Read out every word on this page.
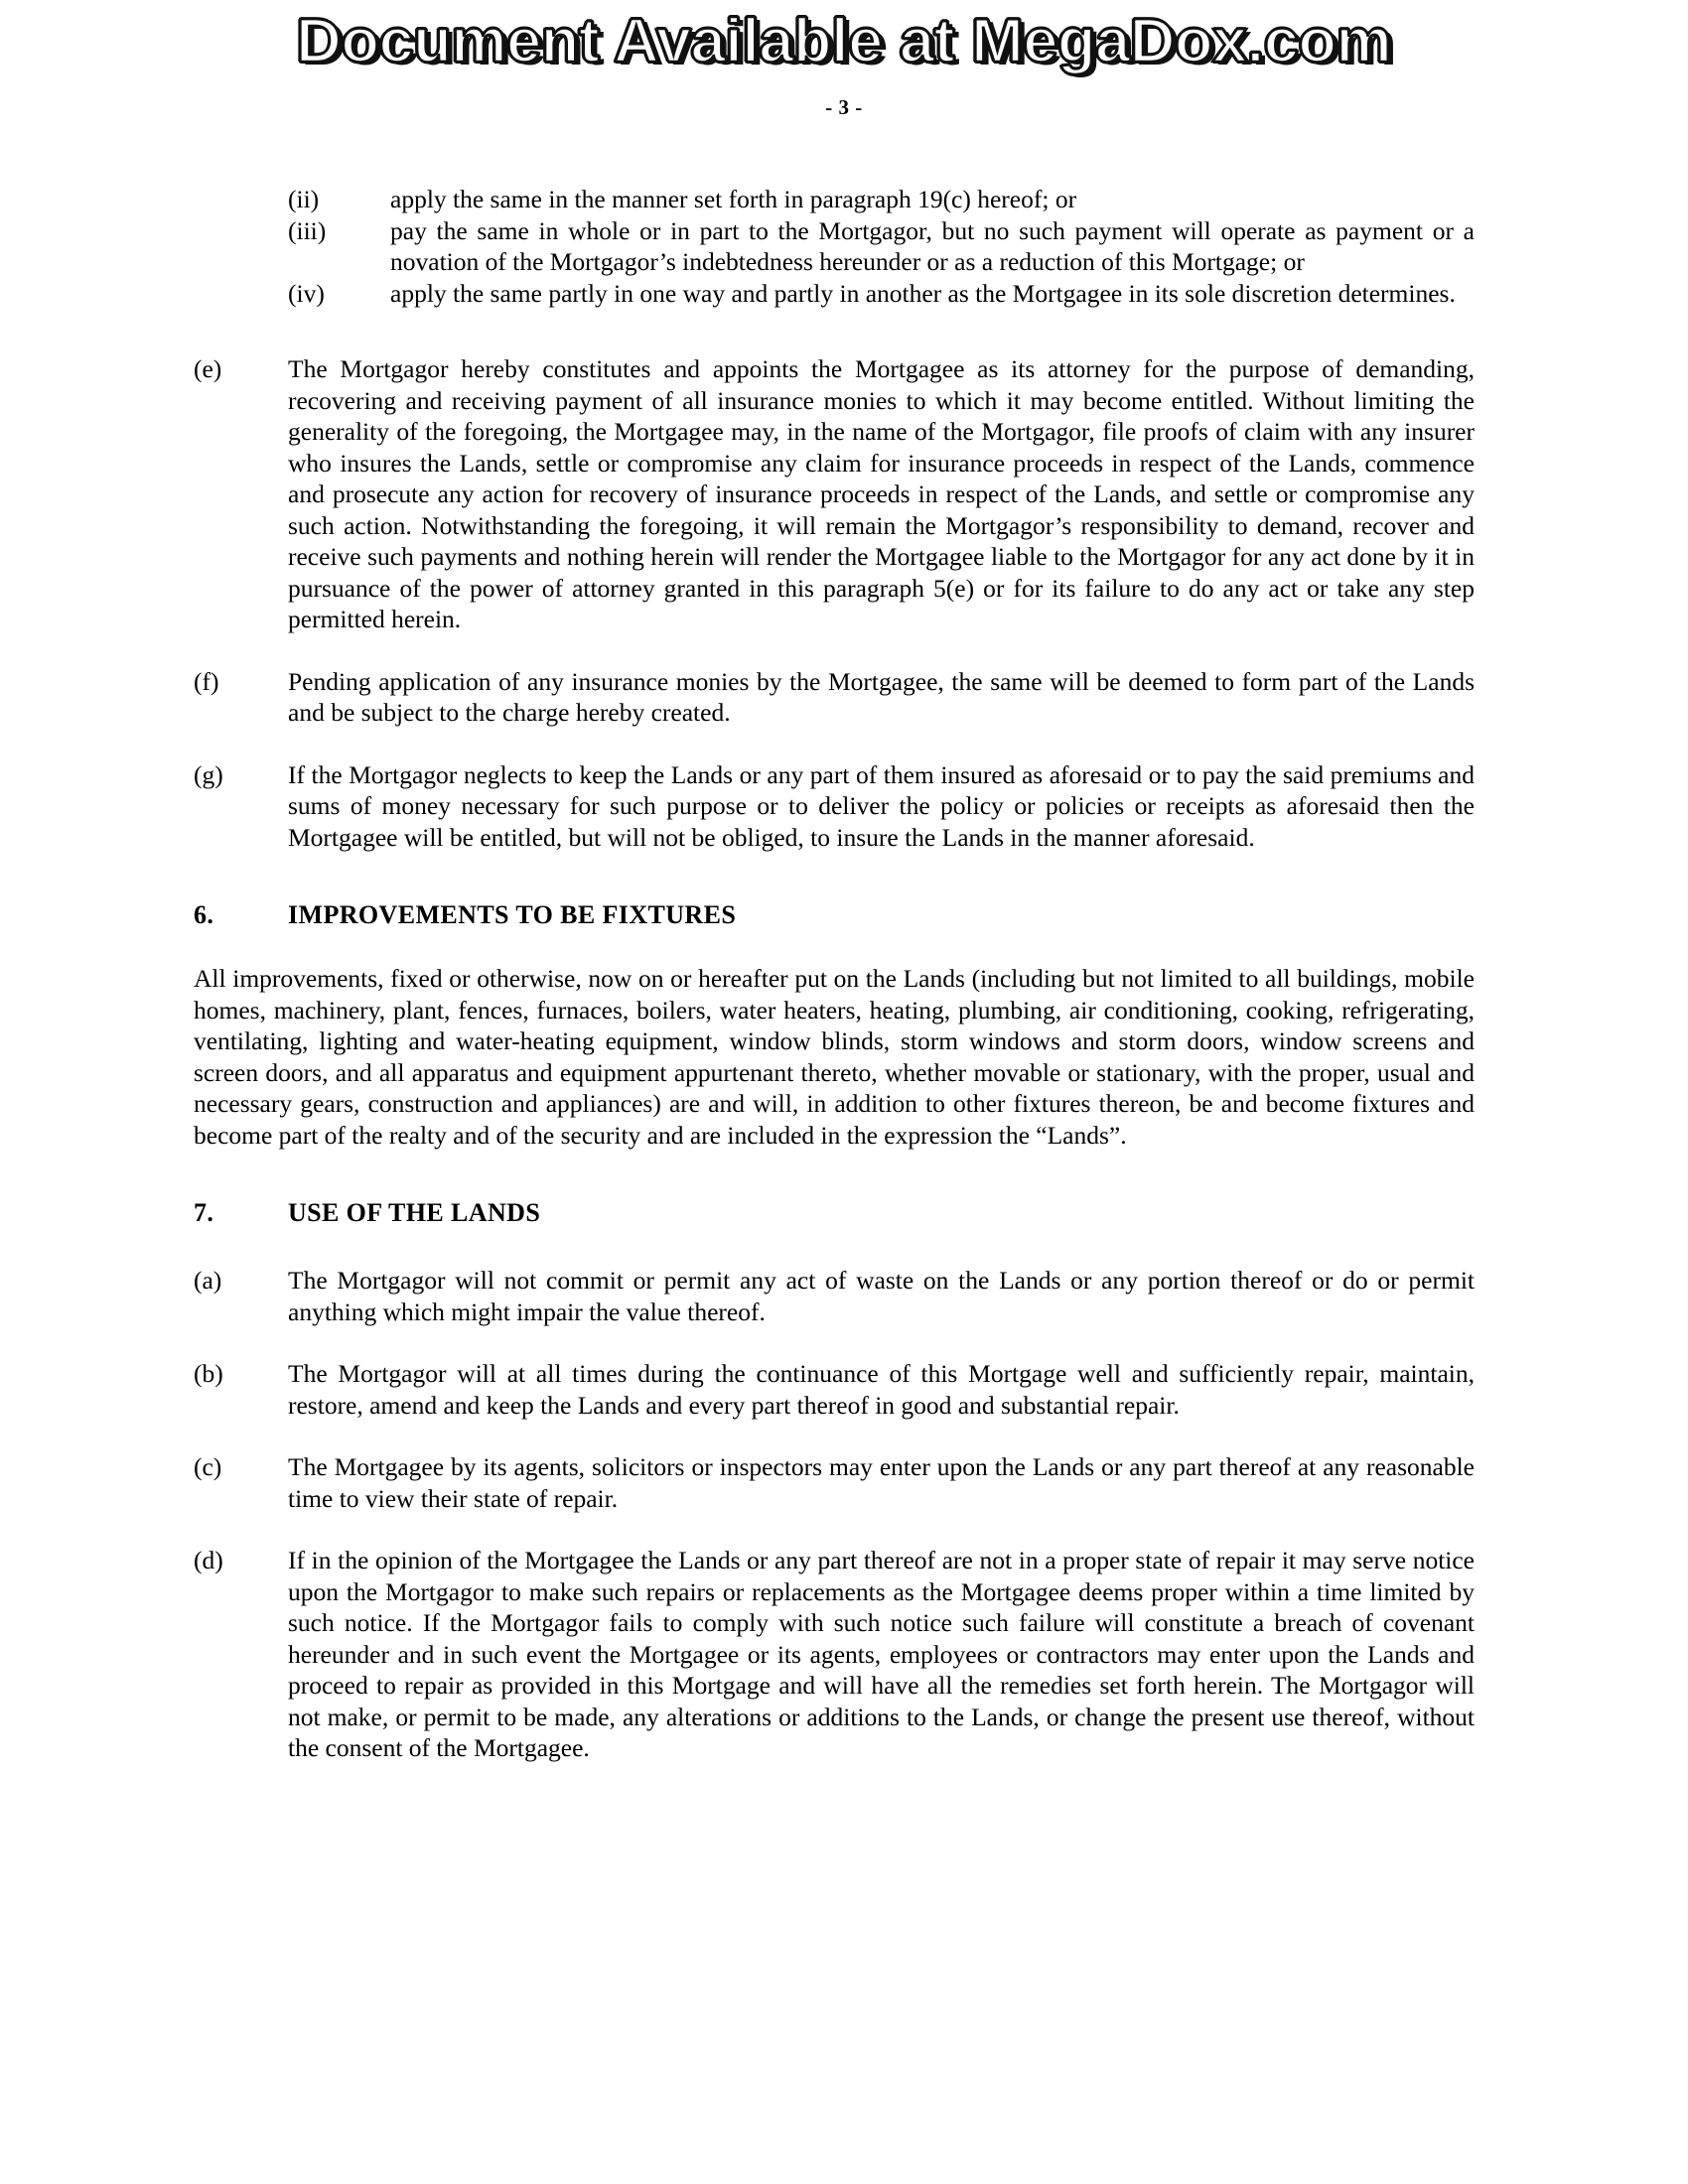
Document Available at MegaDox.com
- 3 -
(ii)	apply the same in the manner set forth in paragraph 19(c) hereof; or
(iii)	pay the same in whole or in part to the Mortgagor, but no such payment will operate as payment or a novation of the Mortgagor’s indebtedness hereunder or as a reduction of this Mortgage; or
(iv)	apply the same partly in one way and partly in another as the Mortgagee in its sole discretion determines.
(e)	The Mortgagor hereby constitutes and appoints the Mortgagee as its attorney for the purpose of demanding, recovering and receiving payment of all insurance monies to which it may become entitled. Without limiting the generality of the foregoing, the Mortgagee may, in the name of the Mortgagor, file proofs of claim with any insurer who insures the Lands, settle or compromise any claim for insurance proceeds in respect of the Lands, commence and prosecute any action for recovery of insurance proceeds in respect of the Lands, and settle or compromise any such action. Notwithstanding the foregoing, it will remain the Mortgagor’s responsibility to demand, recover and receive such payments and nothing herein will render the Mortgagee liable to the Mortgagor for any act done by it in pursuance of the power of attorney granted in this paragraph 5(e) or for its failure to do any act or take any step permitted herein.
(f)	Pending application of any insurance monies by the Mortgagee, the same will be deemed to form part of the Lands and be subject to the charge hereby created.
(g)	If the Mortgagor neglects to keep the Lands or any part of them insured as aforesaid or to pay the said premiums and sums of money necessary for such purpose or to deliver the policy or policies or receipts as aforesaid then the Mortgagee will be entitled, but will not be obliged, to insure the Lands in the manner aforesaid.
6.	IMPROVEMENTS TO BE FIXTURES
All improvements, fixed or otherwise, now on or hereafter put on the Lands (including but not limited to all buildings, mobile homes, machinery, plant, fences, furnaces, boilers, water heaters, heating, plumbing, air conditioning, cooking, refrigerating, ventilating, lighting and water-heating equipment, window blinds, storm windows and storm doors, window screens and screen doors, and all apparatus and equipment appurtenant thereto, whether movable or stationary, with the proper, usual and necessary gears, construction and appliances) are and will, in addition to other fixtures thereon, be and become fixtures and become part of the realty and of the security and are included in the expression the “Lands”.
7.	USE OF THE LANDS
(a)	The Mortgagor will not commit or permit any act of waste on the Lands or any portion thereof or do or permit anything which might impair the value thereof.
(b)	The Mortgagor will at all times during the continuance of this Mortgage well and sufficiently repair, maintain, restore, amend and keep the Lands and every part thereof in good and substantial repair.
(c)	The Mortgagee by its agents, solicitors or inspectors may enter upon the Lands or any part thereof at any reasonable time to view their state of repair.
(d)	If in the opinion of the Mortgagee the Lands or any part thereof are not in a proper state of repair it may serve notice upon the Mortgagor to make such repairs or replacements as the Mortgagee deems proper within a time limited by such notice. If the Mortgagor fails to comply with such notice such failure will constitute a breach of covenant hereunder and in such event the Mortgagee or its agents, employees or contractors may enter upon the Lands and proceed to repair as provided in this Mortgage and will have all the remedies set forth herein. The Mortgagor will not make, or permit to be made, any alterations or additions to the Lands, or change the present use thereof, without the consent of the Mortgagee.
